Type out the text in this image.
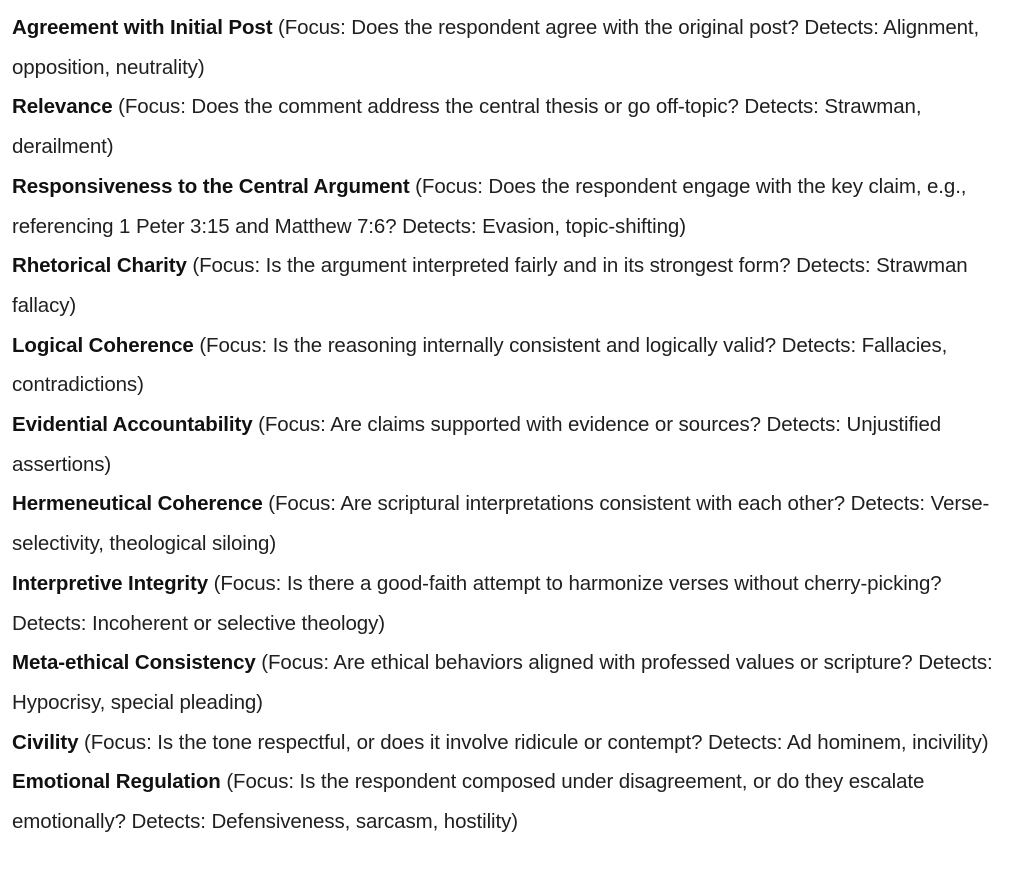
Agreement with Initial Post (Focus: Does the respondent agree with the original post? Detects: Alignment, opposition, neutrality)

Relevance (Focus: Does the comment address the central thesis or go off-topic? Detects: Strawman, derailment)

Responsiveness to the Central Argument (Focus: Does the respondent engage with the key claim, e.g., referencing 1 Peter 3:15 and Matthew 7:6? Detects: Evasion, topic-shifting)

Rhetorical Charity (Focus: Is the argument interpreted fairly and in its strongest form? Detects: Strawman fallacy)

Logical Coherence (Focus: Is the reasoning internally consistent and logically valid? Detects: Fallacies, contradictions)

Evidential Accountability (Focus: Are claims supported with evidence or sources? Detects: Unjustified assertions)

Hermeneutical Coherence (Focus: Are scriptural interpretations consistent with each other? Detects: Verse-selectivity, theological siloing)

Interpretive Integrity (Focus: Is there a good-faith attempt to harmonize verses without cherry-picking? Detects: Incoherent or selective theology)

Meta-ethical Consistency (Focus: Are ethical behaviors aligned with professed values or scripture? Detects: Hypocrisy, special pleading)

Civility (Focus: Is the tone respectful, or does it involve ridicule or contempt? Detects: Ad hominem, incivility)

Emotional Regulation (Focus: Is the respondent composed under disagreement, or do they escalate emotionally? Detects: Defensiveness, sarcasm, hostility)
